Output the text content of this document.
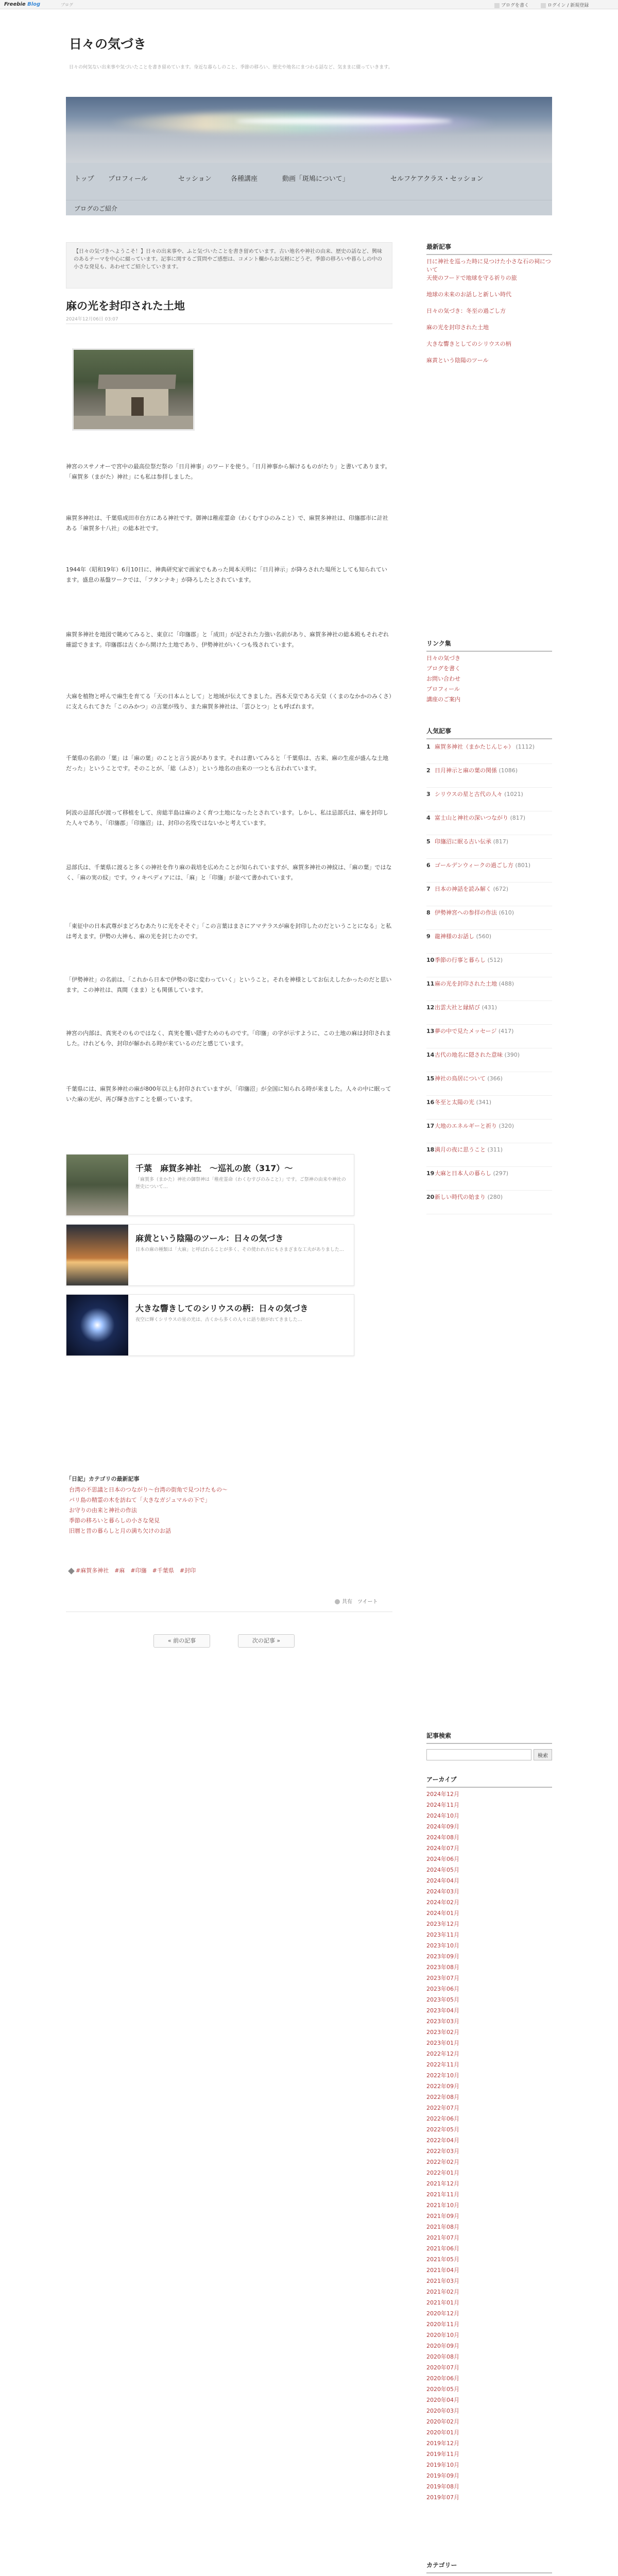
Freebie Blog	ブログ	ブログを書く	ログイン / 新規登録
日々の気づき
日々の何気ない出来事や気づいたことを書き留めています。身近な暮らしのこと、季節の移ろい、歴史や地名にまつわる話など、気ままに綴っていきます。
トップ プロフィール	セッション	各種講座	動画「斑鳩について」	セルフケアクラス・セッション
ブログのご紹介
【日々の気づきへようこそ！】日々の出来事や、ふと気づいたことを書き留めています。古い地名や神社の由来、歴史の話など、興味のあるテーマを中心に綴っています。記事に関するご質問やご感想は、コメント欄からお気軽にどうぞ。季節の移ろいや暮らしの中の小さな発見も、あわせてご紹介していきます。
麻の光を封印された土地
2024年12月06日 03:07
神宮のスサノオーで宮中の最高位祭だ祭の「日月神事」のワードを使う。「日月神事から解けるものがたり」と書いてあります。「麻賀多（まがた）神社」にも私は参拝しました。
麻賀多神社は、千葉県成田市台方にある神社です。御神は稚産霊命（わくむすひのみこと）で、麻賀多神社は、印旛郡市に計社ある「麻賀多十八社」の総本社です。
1944年（昭和19年）6月10日に、神典研究家で画家でもあった岡本天明に「日月神示」が降ろされた場所としても知られています。盛息の基盤ワークでは、「フタンナキ」が降ろしたとされています。
麻賀多神社を地図で眺めてみると、東京に「印旛郡」と「成田」が記された力強い名前があり、麻賀多神社の総本殿もそれぞれ確認できます。印旛郡は古くから開けた土地であり、伊勢神社がいくつも残されています。
大麻を植物と呼んで麻生を育てる「天の日本ムとして」と地域が伝えてきました。西本天皇である天皇（くまのなかかのみくさ）に支えられてきた「このみかつ」の言葉が残り、また麻賀多神社は、「雲ひとつ」とも呼ばれます。
千葉県の名前の「葉」は「麻の葉」のことと言う説があります。それは書いてみると「千葉県は、古来、麻の生産が盛んな土地だった」ということです。そのことが、「総（ふさ）」という地名の由来の一つとも言われています。
阿波の忌部氏が渡って移植をして、房総半島は麻のよく育つ土地になったとされています。しかし、私は忌部氏は、麻を封印した人々であり、「印旛郡」「印旛沼」は、封印の名残ではないかと考えています。
忌部氏は、千葉県に渡ると多くの神社を作り麻の栽培を広めたことが知られていますが、麻賀多神社の神紋は、「麻の葉」ではなく、「麻の実の紋」です。ウィキペディアには、「麻」と「印旛」が並べて書かれています。
「東征中の日本武尊がまどろむあたりに光をそそぐ」「この言葉はまさにアマテラスが麻を封印したのだということになる」と私は考えます。伊勢の大神も、麻の光を封じたのです。
「伊勢神社」の名前は、「これから日本で伊勢の姿に変わっていく」ということ。それを神様としてお伝えしたかったのだと思います。この神社は、真間（まま）とも関係しています。
神宮の内部は、真実そのものではなく、真実を覆い隠すためのものです。「印旛」の字が示すように、この土地の麻は封印されました。けれども今、封印が解かれる時が来ているのだと感じています。
千葉県には、麻賀多神社の麻が800年以上も封印されていますが、「印旛沼」が全国に知られる時が来ました。人々の中に眠っていた麻の光が、再び輝き出すことを願っています。
千葉　麻賀多神社　〜巡礼の旅（317）〜
「麻賀多（まかた）神社の御祭神は「稚産霊命（わくむすびのみこと）」です。ご祭神の由来や神社の歴史について…
麻黄という陰陽のツール：日々の気づき
日本の麻の種類は「大麻」と呼ばれることが多く、その使われ方にもさまざまな工夫がありました…
大きな響きしてのシリウスの柄：日々の気づき
夜空に輝くシリウスの星の光は、古くから多くの人々に語り継がれてきました…
「日記」カテゴリの最新記事
台湾の不思議と日本のつながり〜台湾の街角で見つけたもの〜
バリ島の精霊の木を訪ねて「大きなガジュマルの下で」
お守りの由来と神社の作法
季節の移ろいと暮らしの小さな発見
旧暦と昔の暮らしと月の満ち欠けのお話
#麻賀多神社　#麻　#印旛　#千葉県　#封印
共有　ツイート
« 前の記事	次の記事 »
最新記事
日に神社を巡った時に見つけた小さな石の祠について
天使のフードで地球を守る祈りの旅
地球の未来のお話しと新しい時代
日々の気づき：冬至の過ごし方
麻の光を封印された土地
大きな響きとしてのシリウスの柄
麻黄という陰陽のツール
リンク集
日々の気づき
ブログを書く
お問い合わせ
プロフィール
講座のご案内
人気記事
1 麻賀多神社（まかたじんじゃ） (1112)
2 日月神示と麻の葉の関係 (1086)
3 シリウスの星と古代の人々 (1021)
4 富士山と神社の深いつながり (817)
5 印旛沼に眠る古い伝承 (817)
6 ゴールデンウィークの過ごし方 (801)
7 日本の神話を読み解く (672)
8 伊勢神宮への参拝の作法 (610)
9 龍神様のお話し (560)
10 季節の行事と暮らし (512)
11 麻の光を封印された土地 (488)
12 出雲大社と縁結び (431)
13 夢の中で見たメッセージ (417)
14 古代の地名に隠された意味 (390)
15 神社の鳥居について (366)
16 冬至と太陽の光 (341)
17 大地のエネルギーと祈り (320)
18 満月の夜に思うこと (311)
19 大麻と日本人の暮らし (297)
20 新しい時代の始まり (280)
記事検索
検索
アーカイブ
2024年12月
2024年11月
2024年10月
2024年09月
2024年08月
2024年07月
2024年06月
2024年05月
2024年04月
2024年03月
2024年02月
2024年01月
2023年12月
2023年11月
2023年10月
2023年09月
2023年08月
2023年07月
2023年06月
2023年05月
2023年04月
2023年03月
2023年02月
2023年01月
2022年12月
2022年11月
2022年10月
2022年09月
2022年08月
2022年07月
2022年06月
2022年05月
2022年04月
2022年03月
2022年02月
2022年01月
2021年12月
2021年11月
2021年10月
2021年09月
2021年08月
2021年07月
2021年06月
2021年05月
2021年04月
2021年03月
2021年02月
2021年01月
2020年12月
2020年11月
2020年10月
2020年09月
2020年08月
2020年07月
2020年06月
2020年05月
2020年04月
2020年03月
2020年02月
2020年01月
2019年12月
2019年11月
2019年10月
2019年09月
2019年08月
2019年07月
カテゴリー
